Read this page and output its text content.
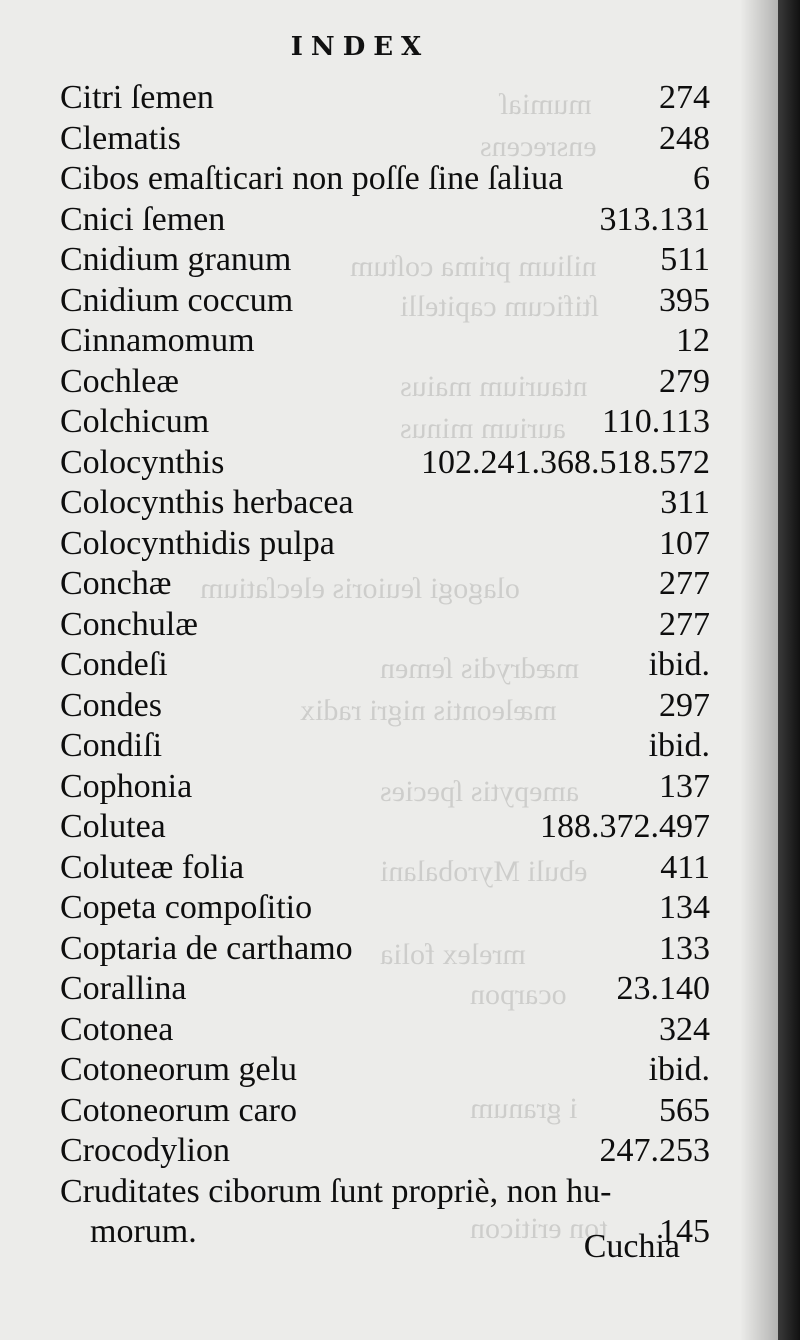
mumiaſ
ensrecens
nilium prima coſtum
ſtificum capitelli
ntaurium maius
aurium minus
olagogi ſeuioris elecſatium
mædrydis ſemen
mæleontis nigri radix
amepytis ſpecies
ebuli Myrobalani
mrelex folia
ocarpon
i granum
ton eriticon
INDEX
Citri ſemen	274
Clematis	248
Cibos emaſticari non poſſe ſine ſaliua	6
Cnici ſemen	313.131
Cnidium granum	511
Cnidium coccum	395
Cinnamomum	12
Cochleæ	279
Colchicum	110.113
Colocynthis	102.241.368.518.572
Colocynthis herbacea	311
Colocynthidis pulpa	107
Conchæ	277
Conchulæ	277
Condeſi	ibid.
Condes	297
Condiſi	ibid.
Cophonia	137
Colutea	188.372.497
Coluteæ folia	411
Copeta compoſitio	134
Coptaria de carthamo	133
Corallina	23.140
Cotonea	324
Cotoneorum gelu	ibid.
Cotoneorum caro	565
Crocodylion	247.253
Cruditates ciborum ſunt propriè, non hu-
morum.	145
Cuchia
